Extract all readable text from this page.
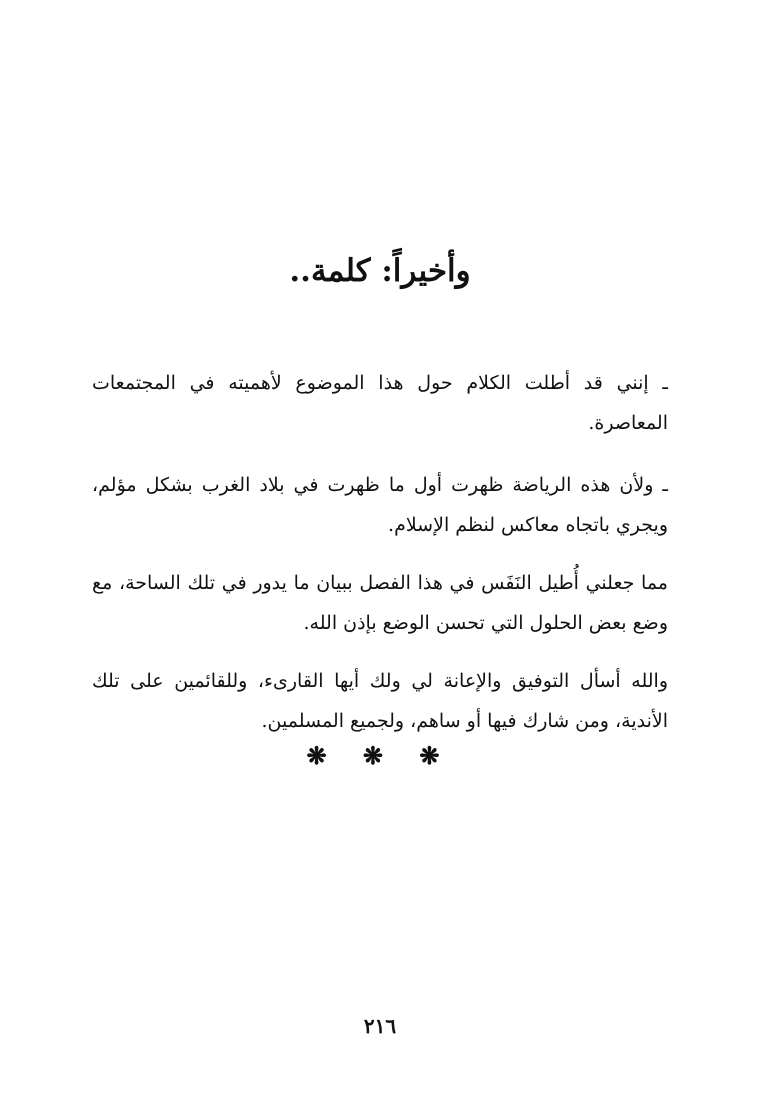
وأخيراً: كلمة..

ـ إنني قد أطلت الكلام حول هذا الموضوع لأهميته في المجتمعات المعاصرة.

ـ ولأن هذه الرياضة ظهرت أول ما ظهرت في بلاد الغرب بشكل مؤلم، ويجري باتجاه معاكس لنظم الإسلام.

مما جعلني أُطيل النَفَس في هذا الفصل ببيان ما يدور في تلك الساحة، مع وضع بعض الحلول التي تحسن الوضع بإذن الله.

والله أسأل التوفيق والإعانة لي ولك أيها القارىء، وللقائمين على تلك الأندية، ومن شارك فيها أو ساهم، ولجميع المسلمين.

❋ ❋ ❋
٢١٦
